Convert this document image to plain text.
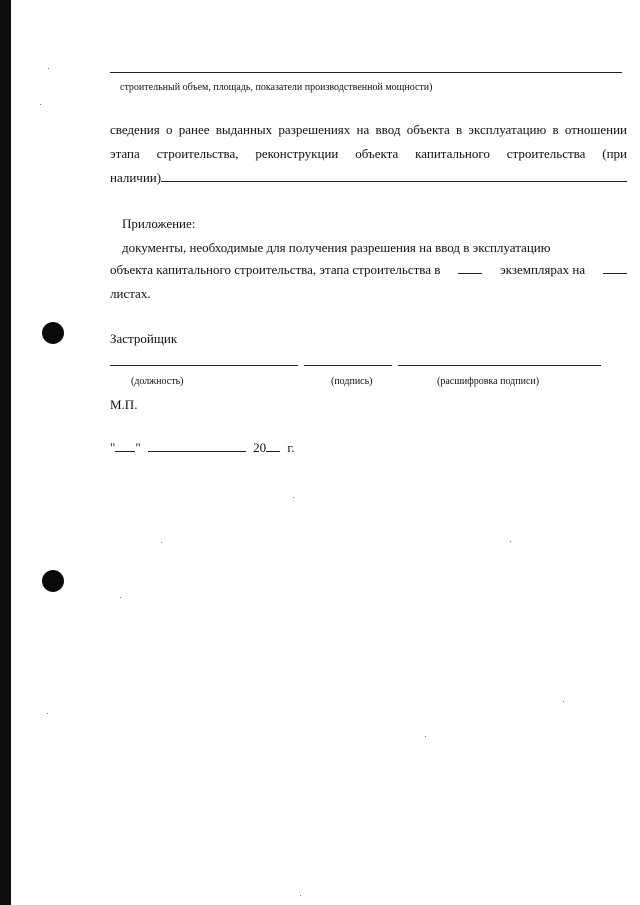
строительный объем, площадь, показатели производственной мощности)
сведения о ранее выданных разрешениях на ввод объекта в эксплуатацию в отношении
этапа строительства, реконструкции объекта капитального строительства (при
наличии)
Приложение:
документы, необходимые для получения разрешения на ввод в эксплуатацию
объекта капитального строительства, этапа строительства в	экземплярах на
листах.
Застройщик
(должность)	(подпись)	(расшифровка подписи)
М.П.
" "	20 г.
